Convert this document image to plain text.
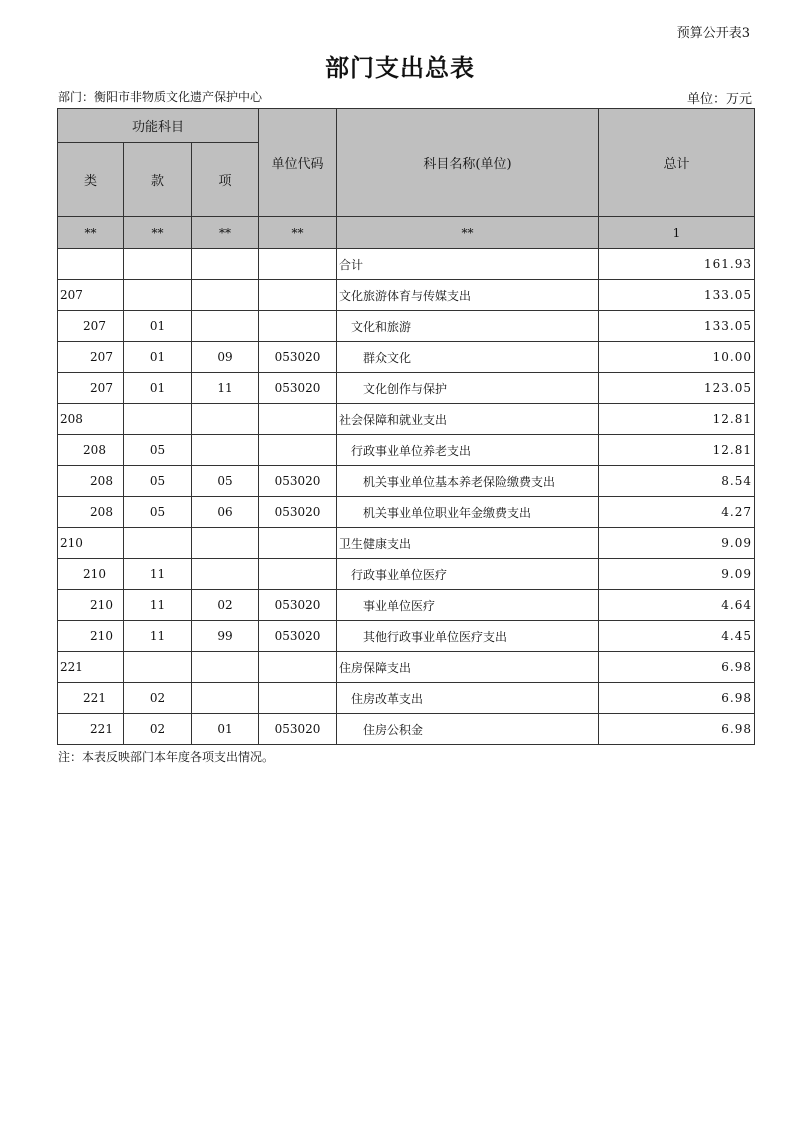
预算公开表3
部门支出总表
部门：衡阳市非物质文化遗产保护中心	单位：万元
功能科目			单位代码	科目名称(单位)	总计
类	款	项			
**	**	**	**	**	1
				合计	161.93
207				文化旅游体育与传媒支出	133.05
207	01			文化和旅游	133.05
207	01	09	053020	群众文化	10.00
207	01	11	053020	文化创作与保护	123.05
208				社会保障和就业支出	12.81
208	05			行政事业单位养老支出	12.81
208	05	05	053020	机关事业单位基本养老保险缴费支出	8.54
208	05	06	053020	机关事业单位职业年金缴费支出	4.27
210				卫生健康支出	9.09
210	11			行政事业单位医疗	9.09
210	11	02	053020	事业单位医疗	4.64
210	11	99	053020	其他行政事业单位医疗支出	4.45
221				住房保障支出	6.98
221	02			住房改革支出	6.98
221	02	01	053020	住房公积金	6.98
注：本表反映部门本年度各项支出情况。
